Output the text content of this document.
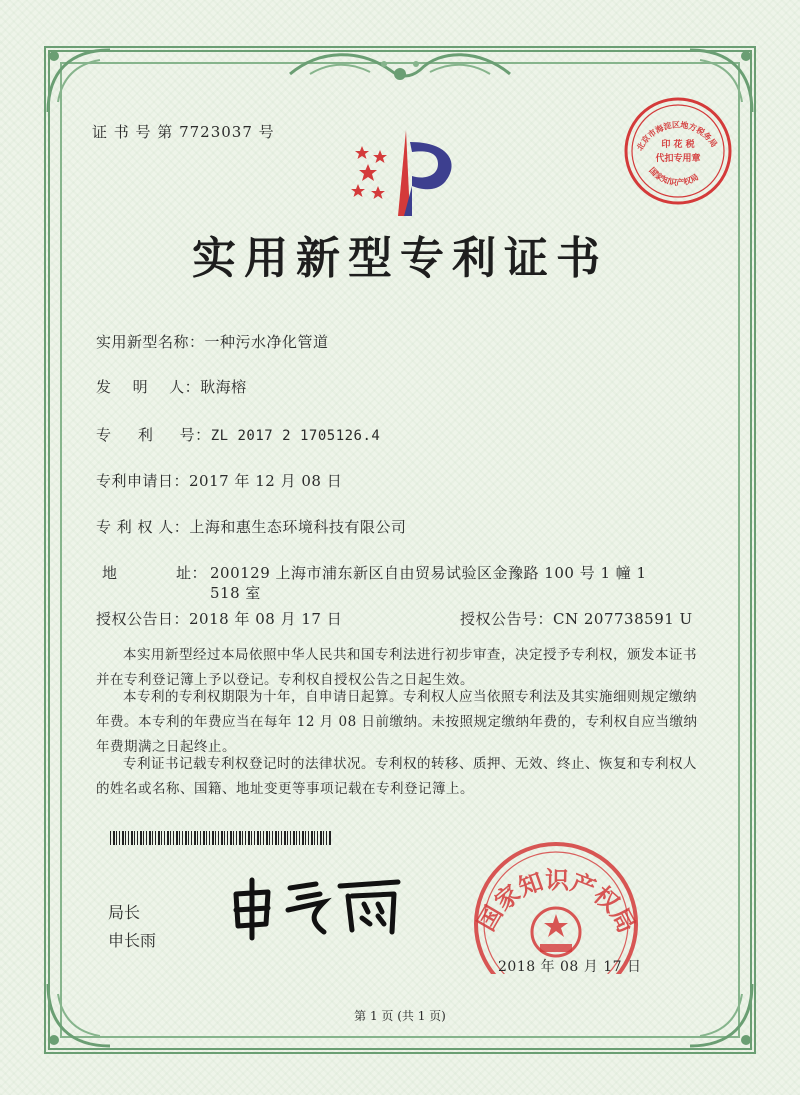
证 书 号 第 7723037 号
实用新型专利证书
实用新型名称：一种污水净化管道
发    明    人：耿海榕
专     利     号：ZL 2017 2 1705126.4
专利申请日：2017 年 12 月 08 日
专 利 权 人：上海和惠生态环境科技有限公司
地	址： 200129 上海市浦东新区自由贸易试验区金豫路 100 号 1 幢 1
518 室
授权公告日：2018 年 08 月 17 日	授权公告号：CN 207738591 U
本实用新型经过本局依照中华人民共和国专利法进行初步审查，决定授予专利权，颁发本证书并在专利登记簿上予以登记。专利权自授权公告之日起生效。
本专利的专利权期限为十年，自申请日起算。专利权人应当依照专利法及其实施细则规定缴纳年费。本专利的年费应当在每年 12 月 08 日前缴纳。未按照规定缴纳年费的，专利权自应当缴纳年费期满之日起终止。
专利证书记载专利权登记时的法律状况。专利权的转移、质押、无效、终止、恢复和专利权人的姓名或名称、国籍、地址变更等事项记载在专利登记簿上。
局长
申长雨
印 花 税
代扣专用章
北京市海淀区地方税务局
国家知识产权局
国家知识产权局
2018 年 08 月 17 日
第 1 页 (共 1 页)
